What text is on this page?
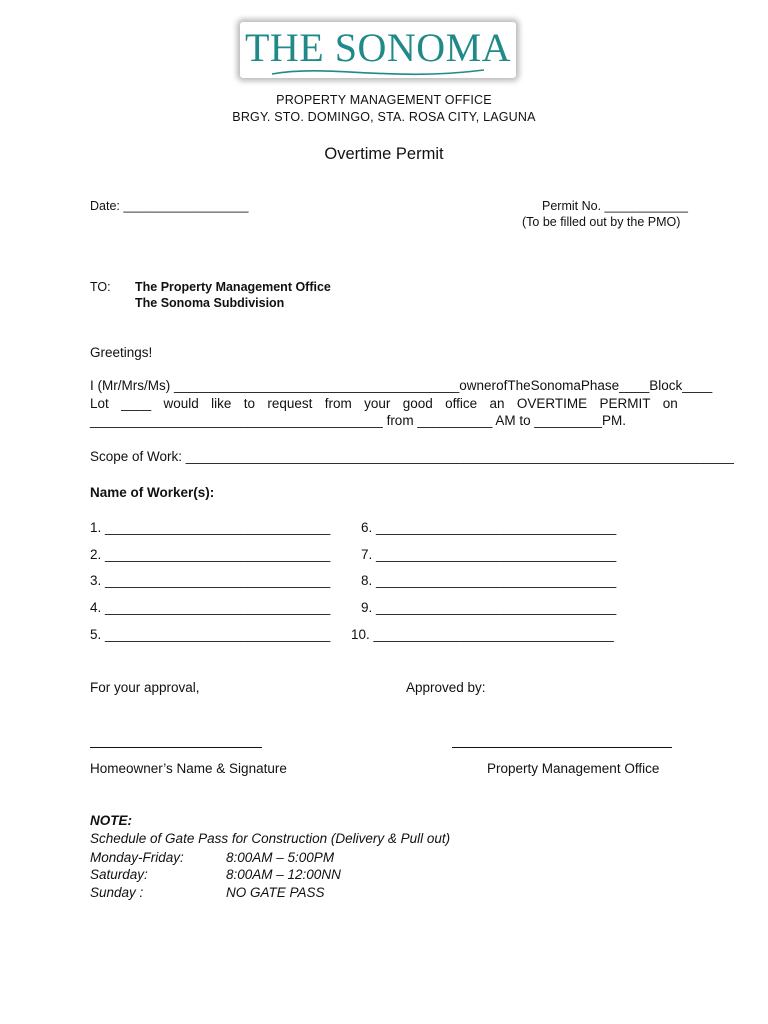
THE SONOMA
PROPERTY MANAGEMENT OFFICE
BRGY. STO. DOMINGO, STA. ROSA CITY, LAGUNA
Overtime Permit
Date: __________________	Permit No. ____________
(To be filled out by the PMO)
TO: The Property Management Office
The Sonoma Subdivision
Greetings!
I (Mr/Mrs/Ms) ______________________________________ owner of The Sonoma Phase ____ Block ____
Lot ____ would like to request from your good office an OVERTIME PERMIT on
_______________________________________ from __________ AM to _________PM.
Scope of Work: _________________________________________________________________________
Name of Worker(s):
1. ______________________________
2. ______________________________
3. ______________________________
4. ______________________________
5. ______________________________
6. ________________________________
7. ________________________________
8. ________________________________
9. ________________________________
10. ________________________________
For your approval,	Approved by:
Homeowner’s Name & Signature	Property Management Office
NOTE:
Schedule of Gate Pass for Construction (Delivery & Pull out)
Monday-Friday:	8:00AM – 5:00PM
Saturday:	8:00AM – 12:00NN
Sunday :	NO GATE PASS
